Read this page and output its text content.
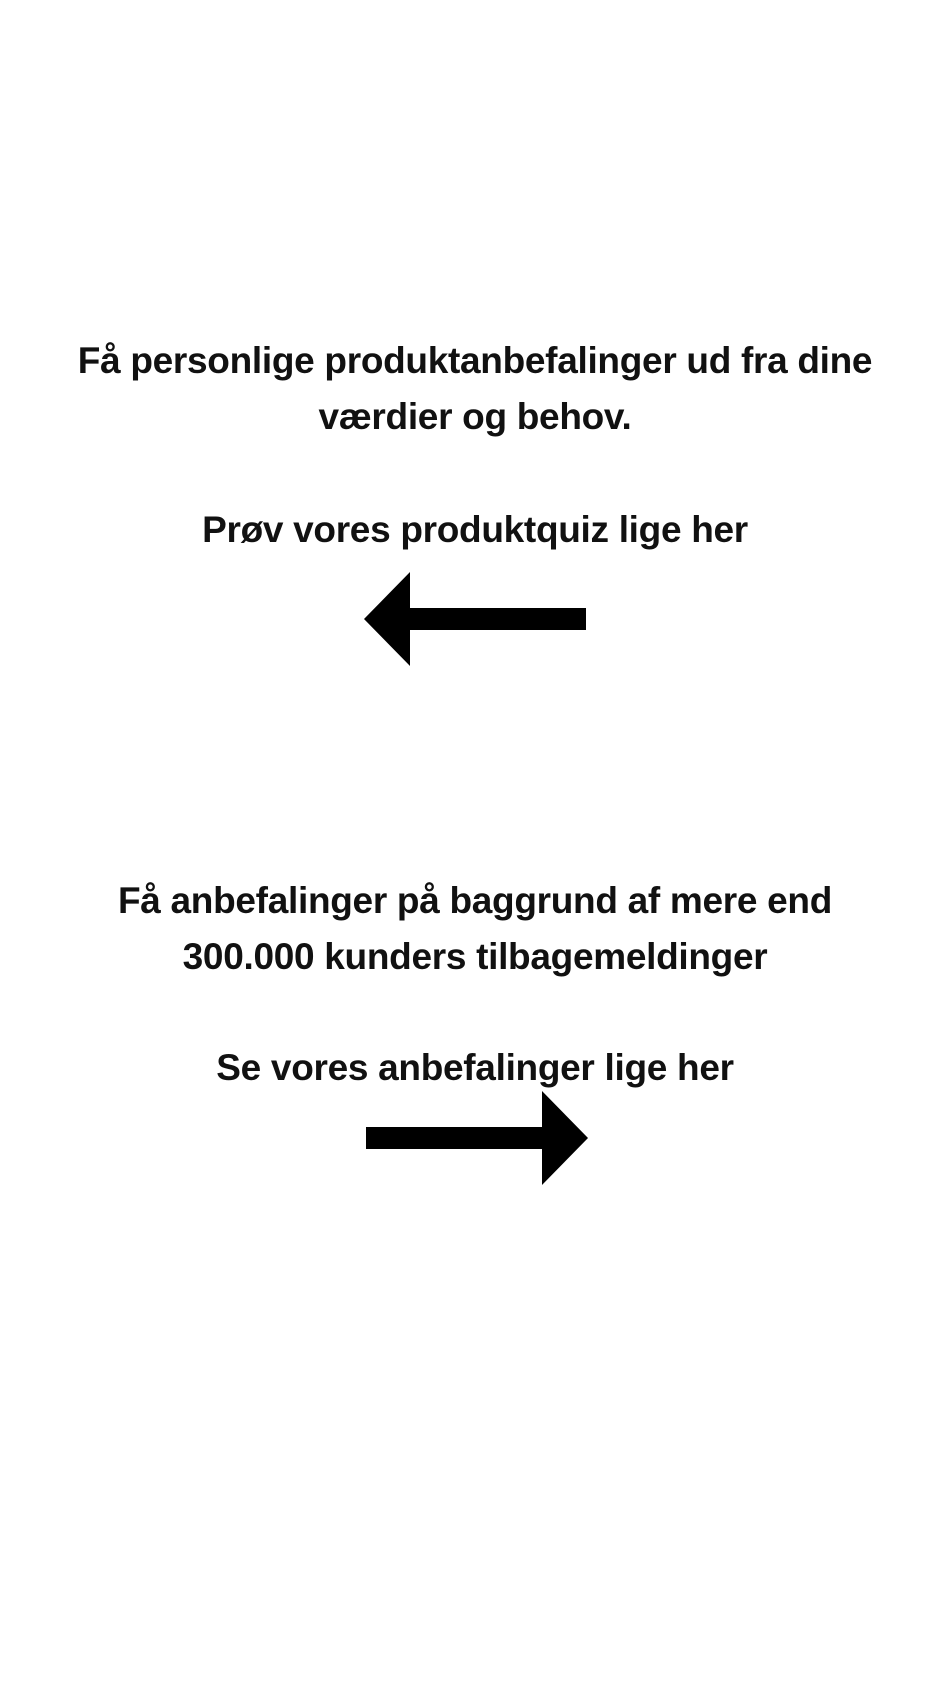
Få personlige produktanbefalinger ud fra dine
værdier og behov.
Prøv vores produktquiz lige her
Få anbefalinger på baggrund af mere end
300.000 kunders tilbagemeldinger
Se vores anbefalinger lige her
